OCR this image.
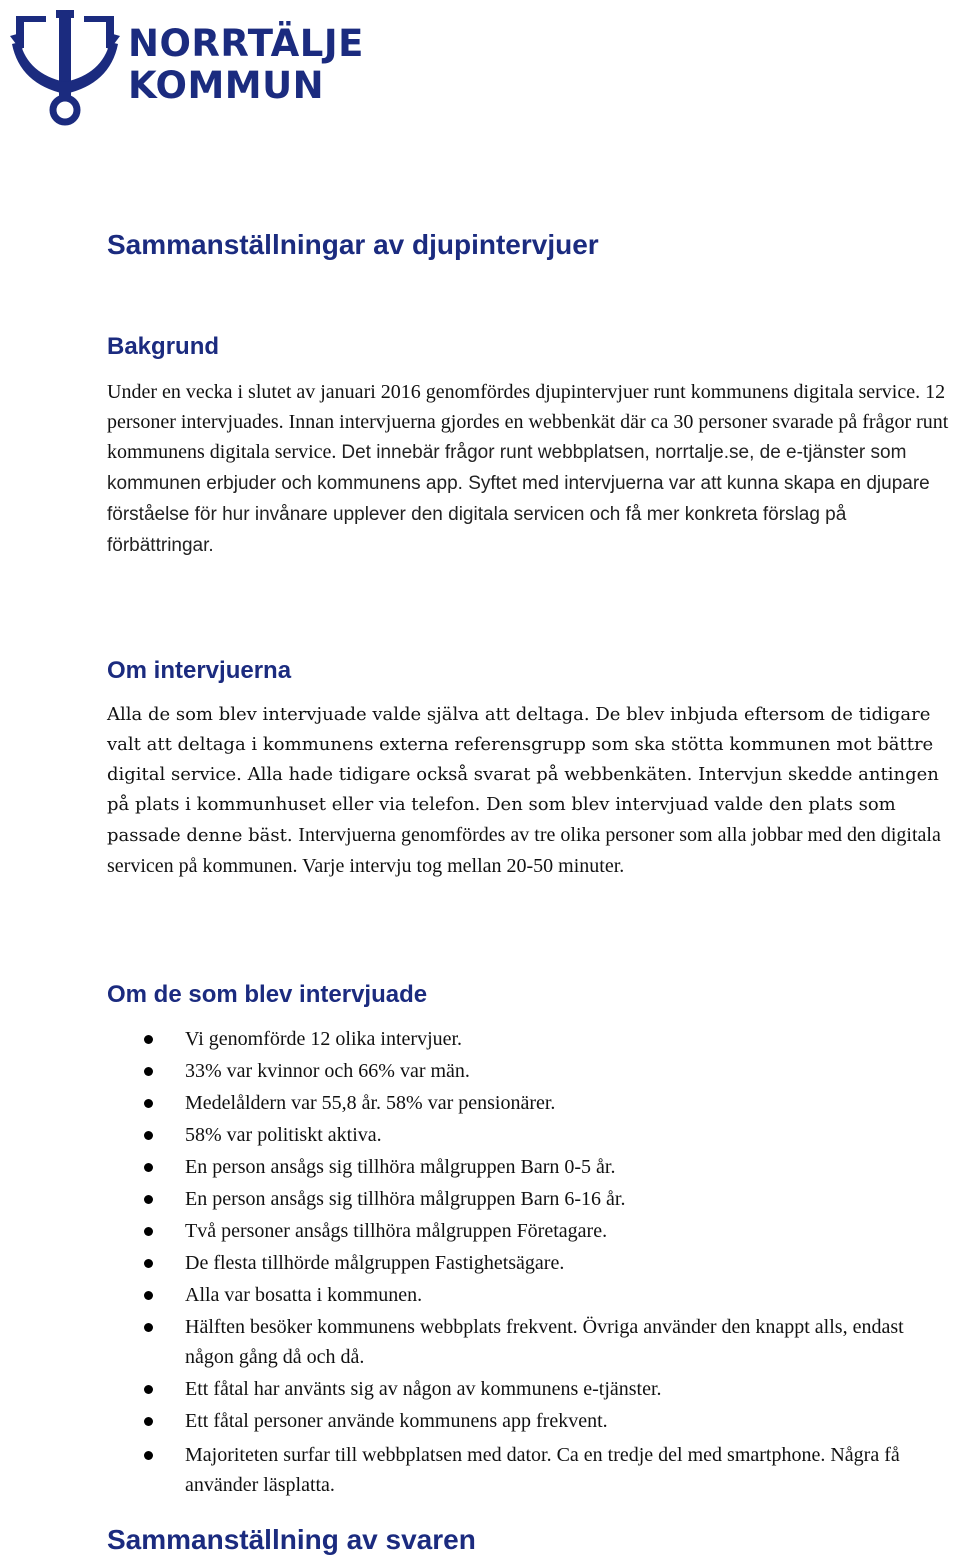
NORRTÄLJE
KOMMUN
Sammanställningar av djupintervjuer
Bakgrund

Under en vecka i slutet av januari 2016 genomfördes djupintervjuer runt kommunens digitala service. 12 personer intervjuades. Innan intervjuerna gjordes en webbenkät där ca 30 personer svarade på frågor runt kommunens digitala service. Det innebär frågor runt webbplatsen, norrtalje.se, de e-tjänster som kommunen erbjuder och kommunens app. Syftet med intervjuerna var att kunna skapa en djupare förståelse för hur invånare upplever den digitala servicen och få mer konkreta förslag på förbättringar.

Om intervjuerna

Alla de som blev intervjuade valde själva att deltaga. De blev inbjuda eftersom de tidigare valt att deltaga i kommunens externa referensgrupp som ska stötta kommunen mot bättre digital service. Alla hade tidigare också svarat på webbenkäten. Intervjun skedde antingen på plats i kommunhuset eller via telefon. Den som blev intervjuad valde den plats som passade denne bäst. Intervjuerna genomfördes av tre olika personer som alla jobbar med den digitala servicen på kommunen. Varje intervju tog mellan 20-50 minuter.

Om de som blev intervjuade
Vi genomförde 12 olika intervjuer.
33% var kvinnor och 66% var män.
Medelåldern var 55,8 år. 58% var pensionärer.
58% var politiskt aktiva.
En person ansågs sig tillhöra målgruppen Barn 0-5 år.
En person ansågs sig tillhöra målgruppen Barn 6-16 år.
Två personer ansågs tillhöra målgruppen Företagare.
De flesta tillhörde målgruppen Fastighetsägare.
Alla var bosatta i kommunen.
Hälften besöker kommunens webbplats frekvent. Övriga använder den knappt alls, endast någon gång då och då.
Ett fåtal har använts sig av någon av kommunens e-tjänster.
Ett fåtal personer använde kommunens app frekvent.
Majoriteten surfar till webbplatsen med dator. Ca en tredje del med smartphone. Några få använder läsplatta.
Sammanställning av svaren
